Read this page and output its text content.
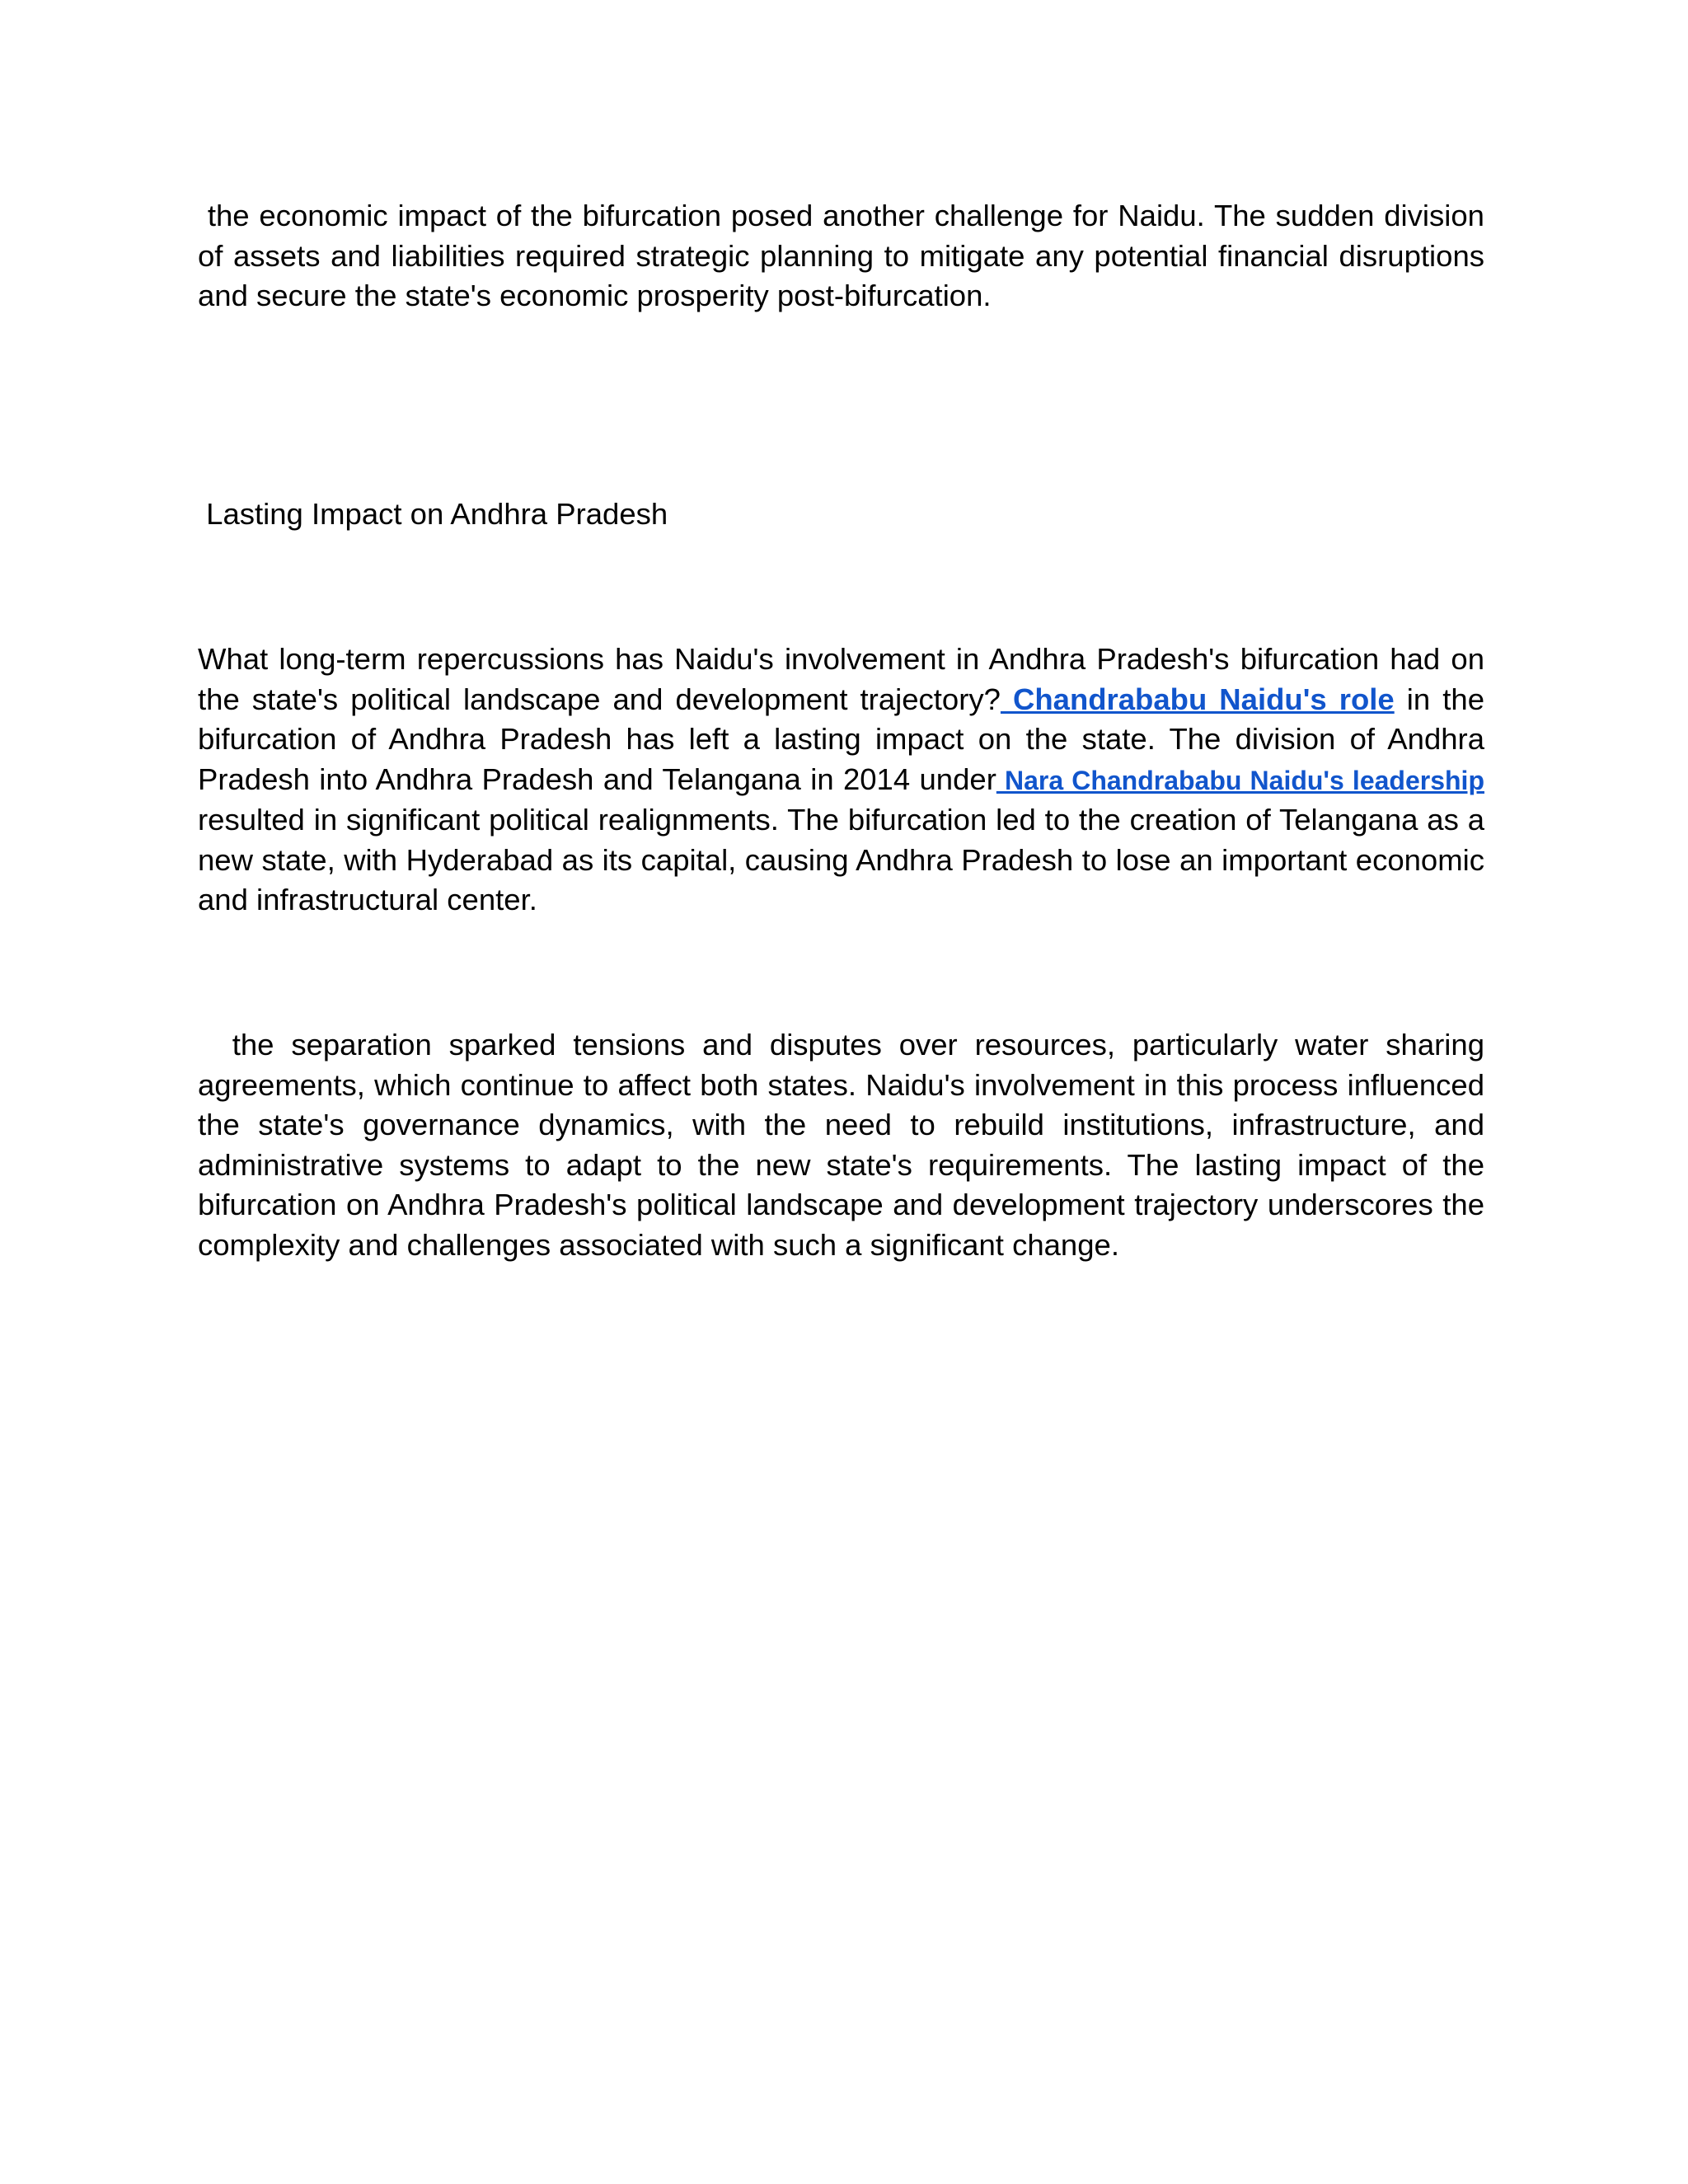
the economic impact of the bifurcation posed another challenge for Naidu. The sudden division of assets and liabilities required strategic planning to mitigate any potential financial disruptions and secure the state's economic prosperity post-bifurcation.

Lasting Impact on Andhra Pradesh

What long-term repercussions has Naidu's involvement in Andhra Pradesh's bifurcation had on the state's political landscape and development trajectory? Chandrababu Naidu's role in the bifurcation of Andhra Pradesh has left a lasting impact on the state. The division of Andhra Pradesh into Andhra Pradesh and Telangana in 2014 under Nara Chandrababu Naidu's leadership resulted in significant political realignments. The bifurcation led to the creation of Telangana as a new state, with Hyderabad as its capital, causing Andhra Pradesh to lose an important economic and infrastructural center.

the separation sparked tensions and disputes over resources, particularly water sharing agreements, which continue to affect both states. Naidu's involvement in this process influenced the state's governance dynamics, with the need to rebuild institutions, infrastructure, and administrative systems to adapt to the new state's requirements. The lasting impact of the bifurcation on Andhra Pradesh's political landscape and development trajectory underscores the complexity and challenges associated with such a significant change.
